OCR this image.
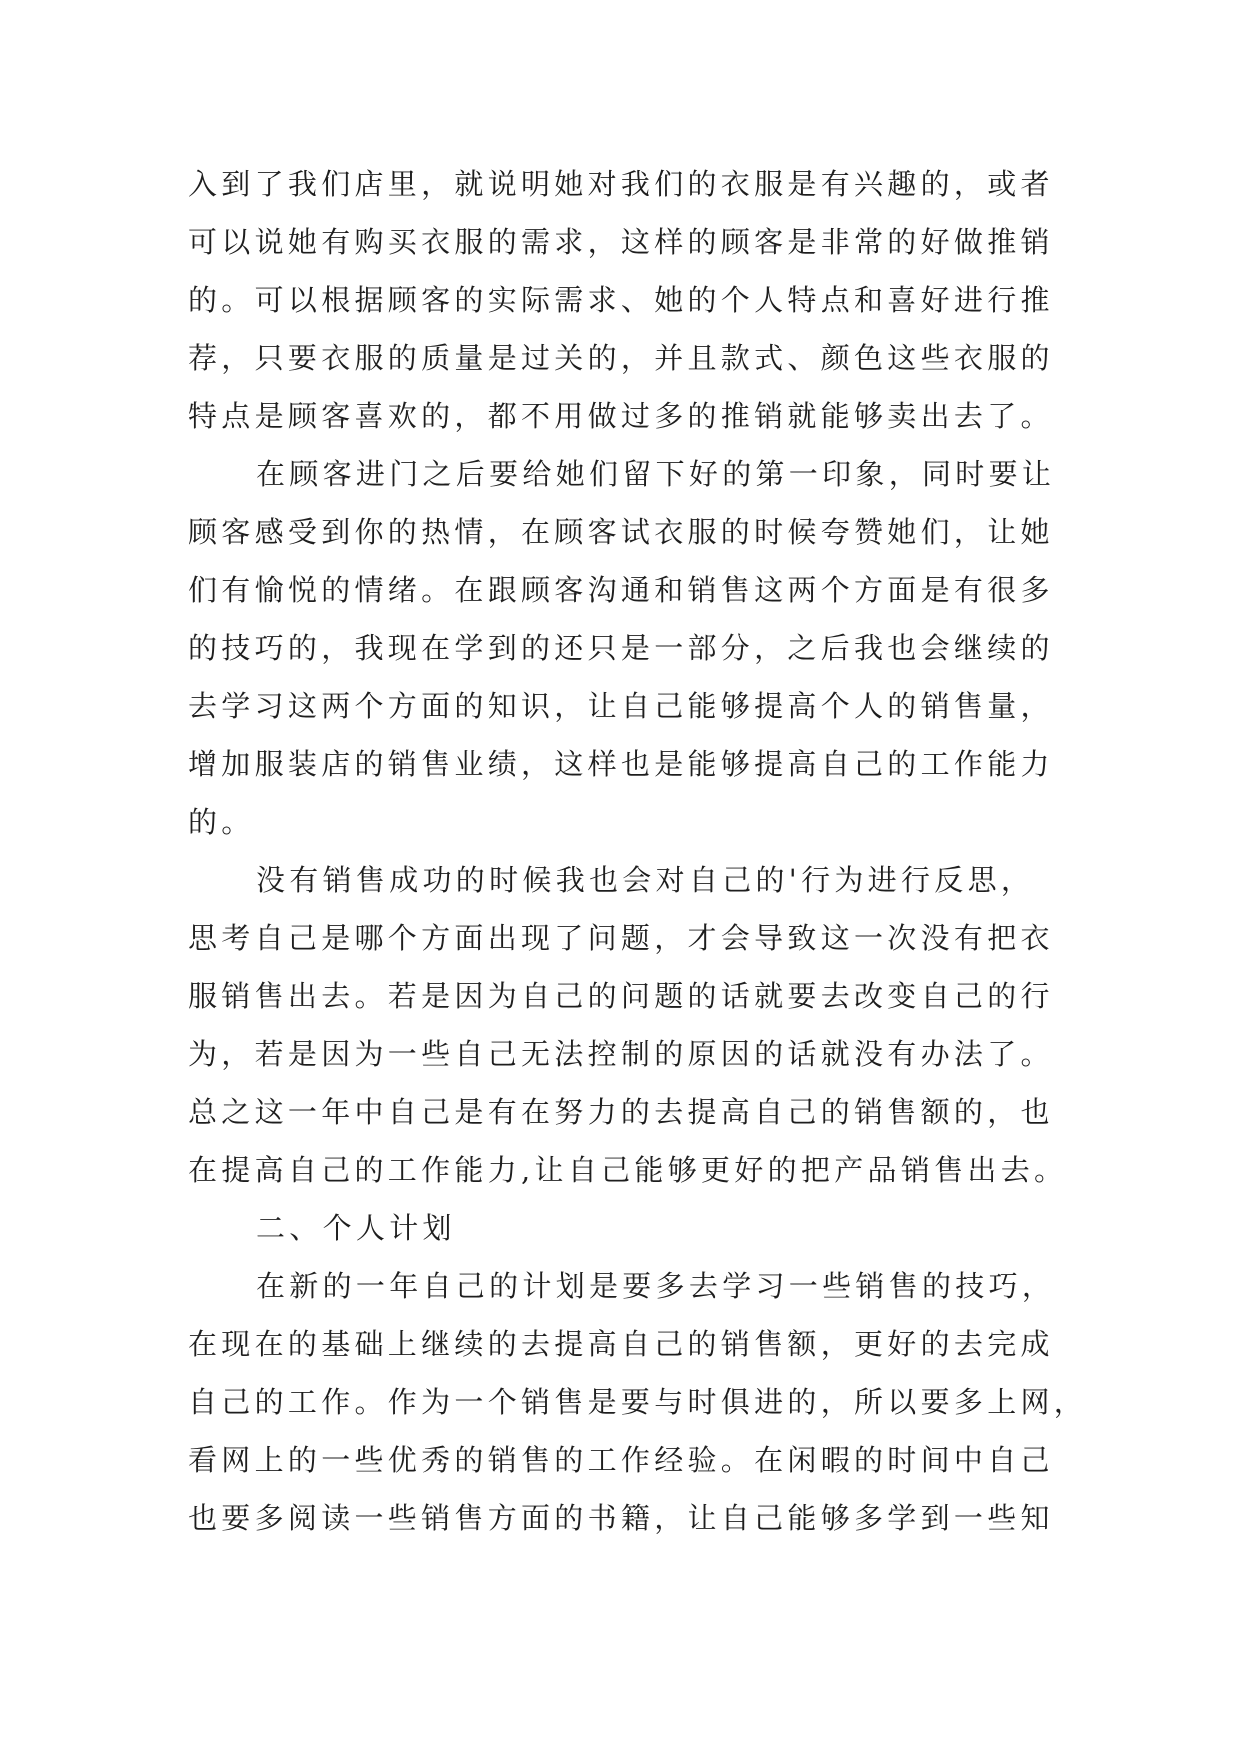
入到了我们店里，就说明她对我们的衣服是有兴趣的，或者
可以说她有购买衣服的需求，这样的顾客是非常的好做推销
的。可以根据顾客的实际需求、她的个人特点和喜好进行推
荐，只要衣服的质量是过关的，并且款式、颜色这些衣服的
特点是顾客喜欢的，都不用做过多的推销就能够卖出去了。
在顾客进门之后要给她们留下好的第一印象，同时要让
顾客感受到你的热情，在顾客试衣服的时候夸赞她们，让她
们有愉悦的情绪。在跟顾客沟通和销售这两个方面是有很多
的技巧的，我现在学到的还只是一部分，之后我也会继续的
去学习这两个方面的知识，让自己能够提高个人的销售量，
增加服装店的销售业绩，这样也是能够提高自己的工作能力
的。
没有销售成功的时候我也会对自己的'行为进行反思，
思考自己是哪个方面出现了问题，才会导致这一次没有把衣
服销售出去。若是因为自己的问题的话就要去改变自己的行
为，若是因为一些自己无法控制的原因的话就没有办法了。
总之这一年中自己是有在努力的去提高自己的销售额的，也
在提高自己的工作能力,让自己能够更好的把产品销售出去。
二、个人计划
在新的一年自己的计划是要多去学习一些销售的技巧，
在现在的基础上继续的去提高自己的销售额，更好的去完成
自己的工作。作为一个销售是要与时俱进的，所以要多上网，
看网上的一些优秀的销售的工作经验。在闲暇的时间中自己
也要多阅读一些销售方面的书籍，让自己能够多学到一些知
